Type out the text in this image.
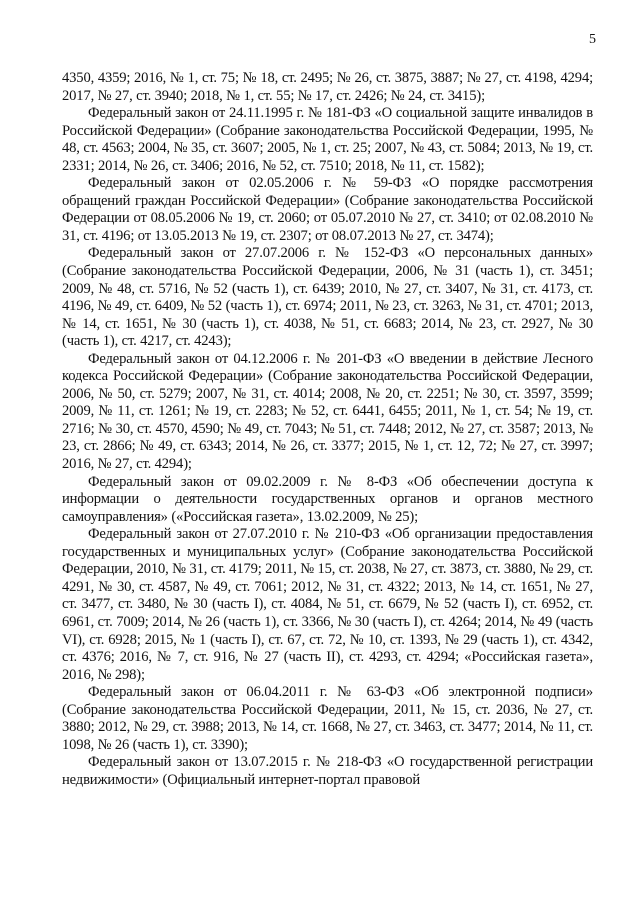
5

4350, 4359; 2016, № 1, ст. 75; № 18, ст. 2495; № 26, ст. 3875, 3887; № 27, ст. 4198, 4294; 2017, № 27, ст. 3940; 2018, № 1, ст. 55; № 17, ст. 2426; № 24, ст. 3415);

Федеральный закон от 24.11.1995 г. № 181-ФЗ «О социальной защите инвалидов в Российской Федерации» (Собрание законодательства Российской Федерации, 1995, № 48, ст. 4563; 2004, № 35, ст. 3607; 2005, № 1, ст. 25; 2007, № 43, ст. 5084; 2013, № 19, ст. 2331; 2014, № 26, ст. 3406; 2016, № 52, ст. 7510; 2018, № 11, ст. 1582);

Федеральный закон от 02.05.2006 г. № 59-ФЗ «О порядке рассмотрения обращений граждан Российской Федерации» (Собрание законодательства Российской Федерации от 08.05.2006 № 19, ст. 2060; от 05.07.2010 № 27, ст. 3410; от 02.08.2010 № 31, ст. 4196; от 13.05.2013 № 19, ст. 2307; от 08.07.2013 № 27, ст. 3474);

Федеральный закон от 27.07.2006 г. № 152-ФЗ «О персональных данных» (Собрание законодательства Российской Федерации, 2006, № 31 (часть 1), ст. 3451; 2009, № 48, ст. 5716, № 52 (часть 1), ст. 6439; 2010, № 27, ст. 3407, № 31, ст. 4173, ст. 4196, № 49, ст. 6409, № 52 (часть 1), ст. 6974; 2011, № 23, ст. 3263, № 31, ст. 4701; 2013, № 14, ст. 1651, № 30 (часть 1), ст. 4038, № 51, ст. 6683; 2014, № 23, ст. 2927, № 30 (часть 1), ст. 4217, ст. 4243);

Федеральный закон от 04.12.2006 г. № 201-ФЗ «О введении в действие Лесного кодекса Российской Федерации» (Собрание законодательства Российской Федерации, 2006, № 50, ст. 5279; 2007, № 31, ст. 4014; 2008, № 20, ст. 2251; № 30, ст. 3597, 3599; 2009, № 11, ст. 1261; № 19, ст. 2283; № 52, ст. 6441, 6455; 2011, № 1, ст. 54; № 19, ст. 2716; № 30, ст. 4570, 4590; № 49, ст. 7043; № 51, ст. 7448; 2012, № 27, ст. 3587; 2013, № 23, ст. 2866; № 49, ст. 6343; 2014, № 26, ст. 3377; 2015, № 1, ст. 12, 72; № 27, ст. 3997; 2016, № 27, ст. 4294);

Федеральный закон от 09.02.2009 г. № 8-ФЗ «Об обеспечении доступа к информации о деятельности государственных органов и органов местного самоуправления» («Российская газета», 13.02.2009, № 25);

Федеральный закон от 27.07.2010 г. № 210-ФЗ «Об организации предоставления государственных и муниципальных услуг» (Собрание законодательства Российской Федерации, 2010, № 31, ст. 4179; 2011, № 15, ст. 2038, № 27, ст. 3873, ст. 3880, № 29, ст. 4291, № 30, ст. 4587, № 49, ст. 7061; 2012, № 31, ст. 4322; 2013, № 14, ст. 1651, № 27, ст. 3477, ст. 3480, № 30 (часть I), ст. 4084, № 51, ст. 6679, № 52 (часть I), ст. 6952, ст. 6961, ст. 7009; 2014, № 26 (часть 1), ст. 3366, № 30 (часть I), ст. 4264; 2014, № 49 (часть VI), ст. 6928; 2015, № 1 (часть I), ст. 67, ст. 72, № 10, ст. 1393, № 29 (часть 1), ст. 4342, ст. 4376; 2016, № 7, ст. 916, № 27 (часть II), ст. 4293, ст. 4294; «Российская газета», 2016, № 298);

Федеральный закон от 06.04.2011 г. № 63-ФЗ «Об электронной подписи» (Собрание законодательства Российской Федерации, 2011, № 15, ст. 2036, № 27, ст. 3880; 2012, № 29, ст. 3988; 2013, № 14, ст. 1668, № 27, ст. 3463, ст. 3477; 2014, № 11, ст. 1098, № 26 (часть 1), ст. 3390);

Федеральный закон от 13.07.2015 г. № 218-ФЗ «О государственной регистрации недвижимости» (Официальный интернет-портал правовой
